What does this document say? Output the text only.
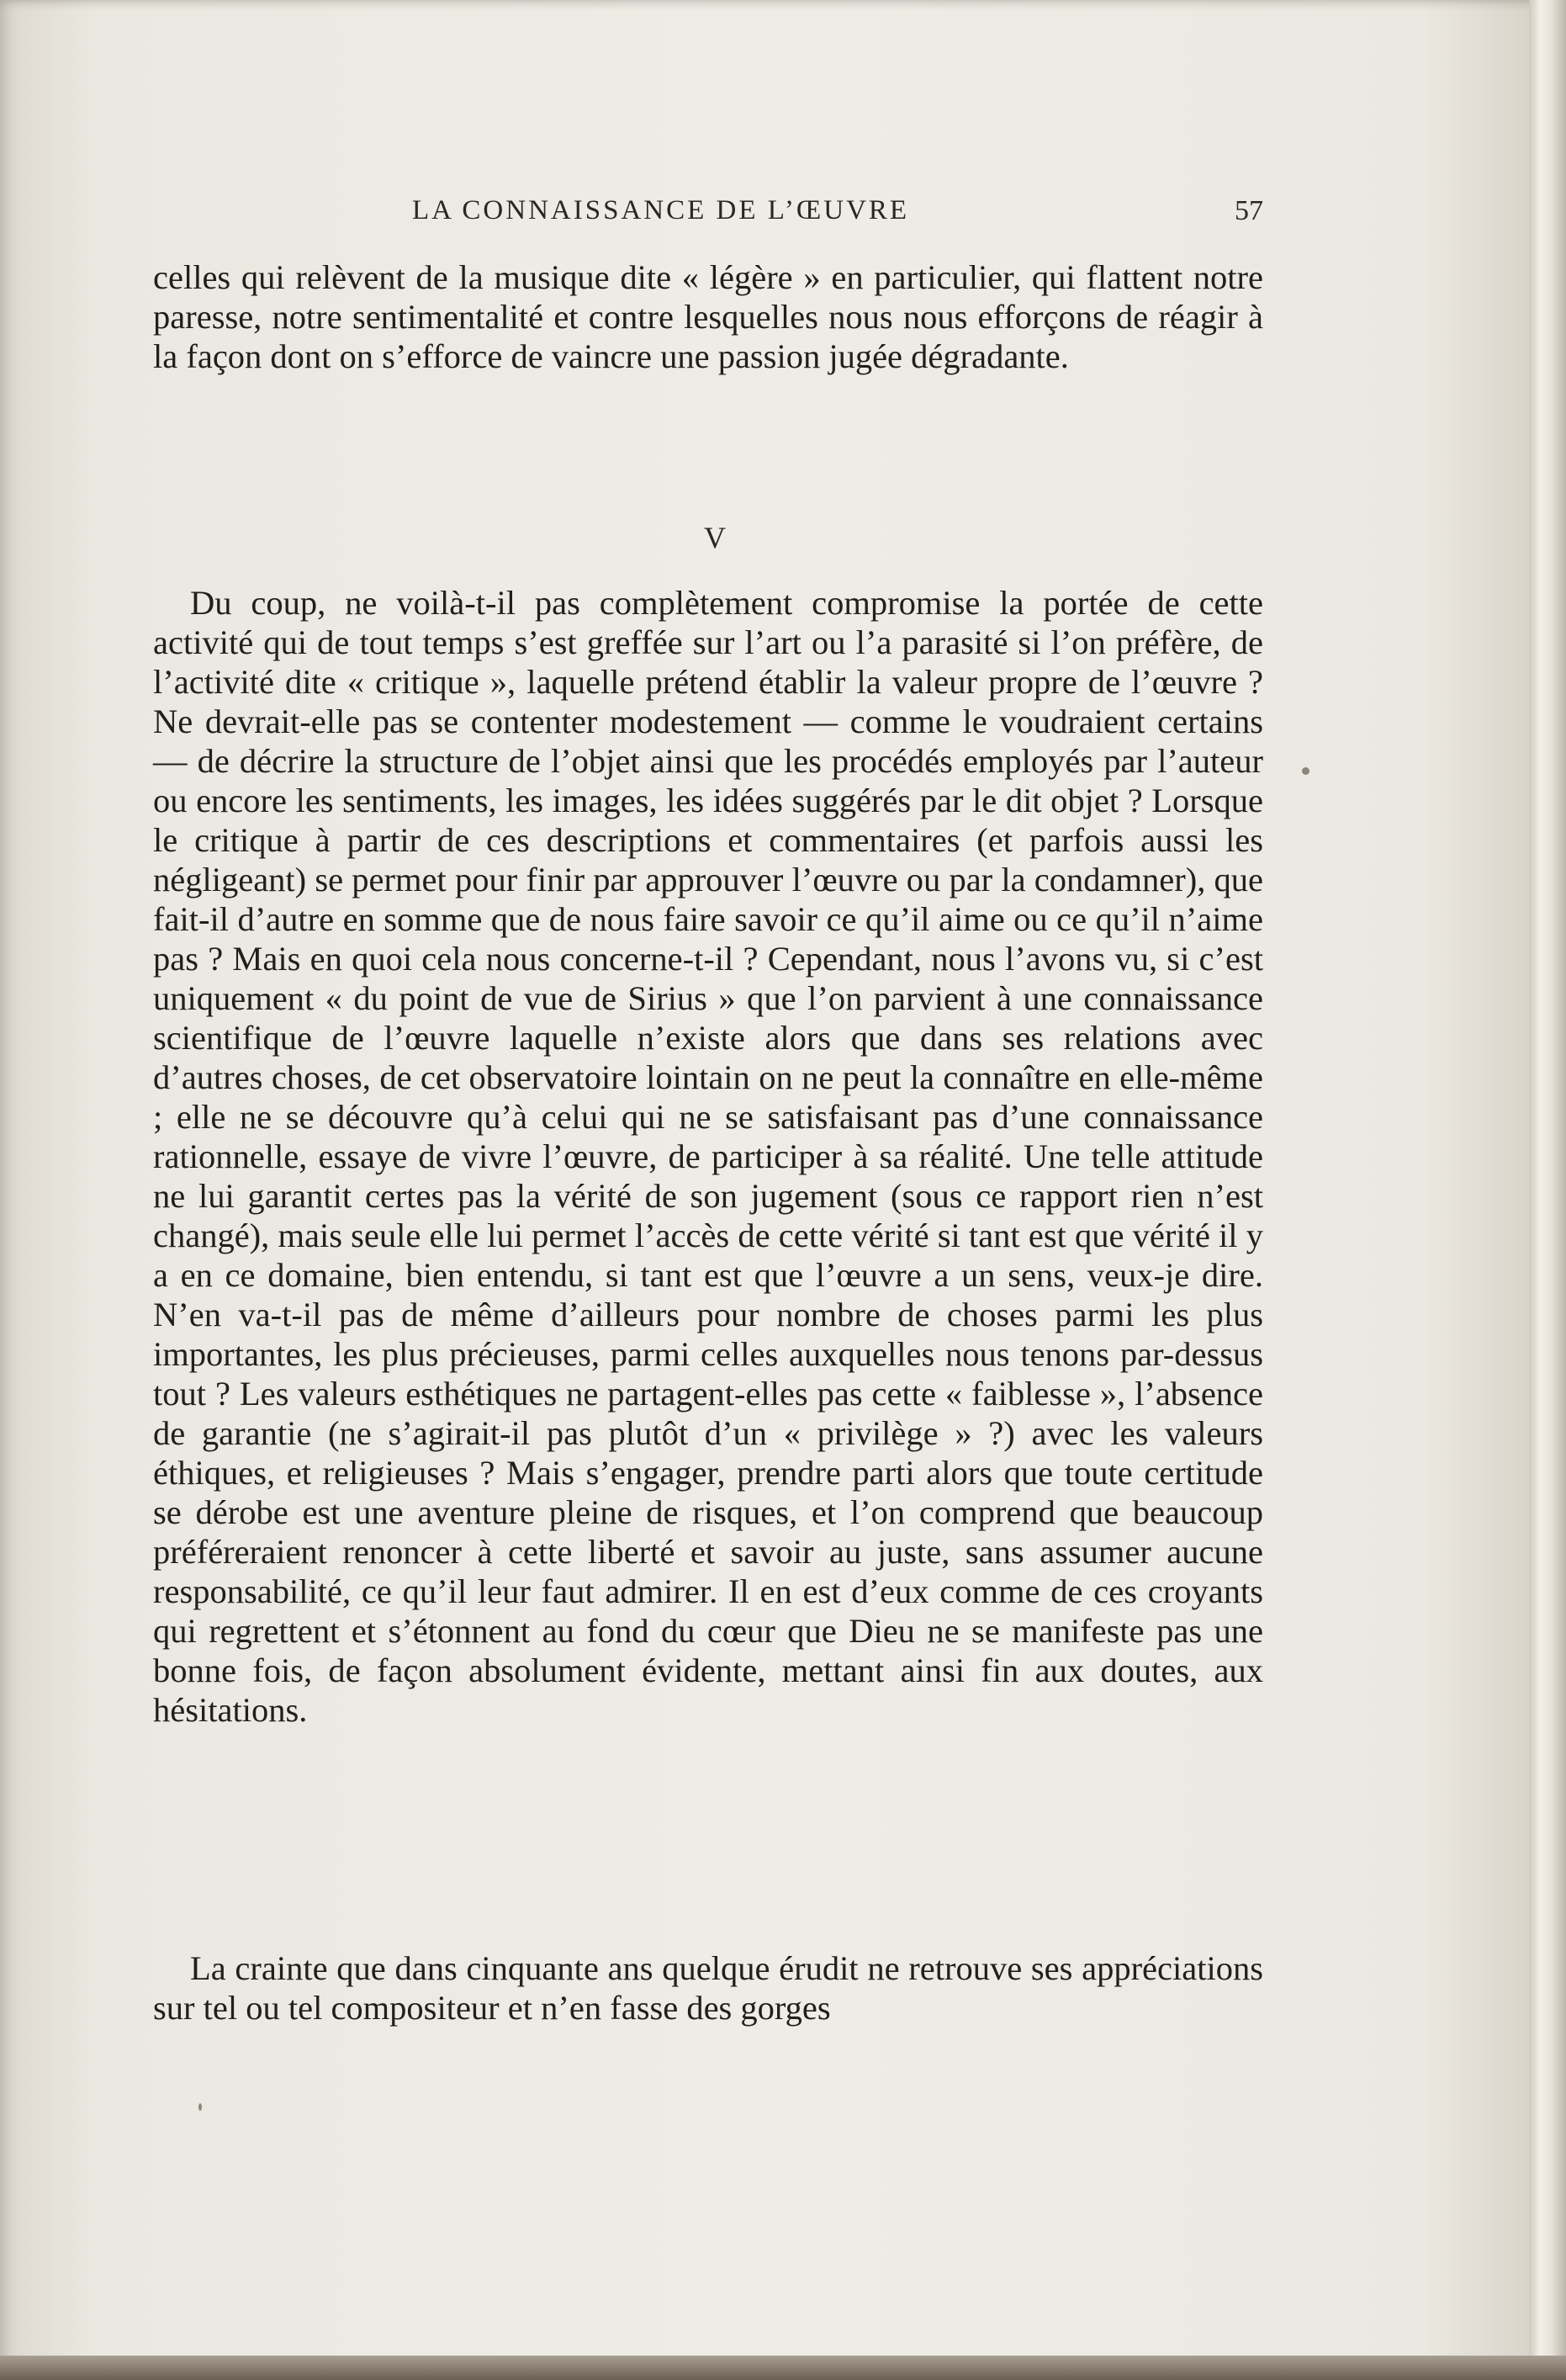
LA CONNAISSANCE DE L’ŒUVRE	57

celles qui relèvent de la musique dite « légère » en particulier, qui flattent notre paresse, notre sentimentalité et contre lesquelles nous nous efforçons de réagir à la façon dont on s’efforce de vaincre une passion jugée dégradante.

V

Du coup, ne voilà-t-il pas complètement compromise la portée de cette activité qui de tout temps s’est greffée sur l’art ou l’a parasité si l’on préfère, de l’activité dite « critique », laquelle prétend établir la valeur propre de l’œuvre ? Ne devrait-elle pas se contenter modestement — comme le voudraient certains — de décrire la structure de l’objet ainsi que les procédés employés par l’auteur ou encore les sentiments, les images, les idées suggérés par le dit objet ? Lorsque le critique à partir de ces descriptions et commentaires (et parfois aussi les négligeant) se permet pour finir par approuver l’œuvre ou par la condamner), que fait-il d’autre en somme que de nous faire savoir ce qu’il aime ou ce qu’il n’aime pas ? Mais en quoi cela nous concerne-t-il ? Cependant, nous l’avons vu, si c’est uniquement « du point de vue de Sirius » que l’on parvient à une connaissance scientifique de l’œuvre laquelle n’existe alors que dans ses relations avec d’autres choses, de cet observatoire lointain on ne peut la connaître en elle-même ; elle ne se découvre qu’à celui qui ne se satisfaisant pas d’une connaissance rationnelle, essaye de vivre l’œuvre, de participer à sa réalité. Une telle attitude ne lui garantit certes pas la vérité de son jugement (sous ce rapport rien n’est changé), mais seule elle lui permet l’accès de cette vérité si tant est que vérité il y a en ce domaine, bien entendu, si tant est que l’œuvre a un sens, veux-je dire. N’en va-t-il pas de même d’ailleurs pour nombre de choses parmi les plus importantes, les plus précieuses, parmi celles auxquelles nous tenons par-dessus tout ? Les valeurs esthétiques ne partagent-elles pas cette « faiblesse », l’absence de garantie (ne s’agirait-il pas plutôt d’un « privilège » ?) avec les valeurs éthiques, et religieuses ? Mais s’engager, prendre parti alors que toute certitude se dérobe est une aventure pleine de risques, et l’on comprend que beaucoup préféreraient renoncer à cette liberté et savoir au juste, sans assumer aucune responsabilité, ce qu’il leur faut admirer. Il en est d’eux comme de ces croyants qui regrettent et s’étonnent au fond du cœur que Dieu ne se manifeste pas une bonne fois, de façon absolument évidente, mettant ainsi fin aux doutes, aux hésitations.

La crainte que dans cinquante ans quelque érudit ne retrouve ses appréciations sur tel ou tel compositeur et n’en fasse des gorges
